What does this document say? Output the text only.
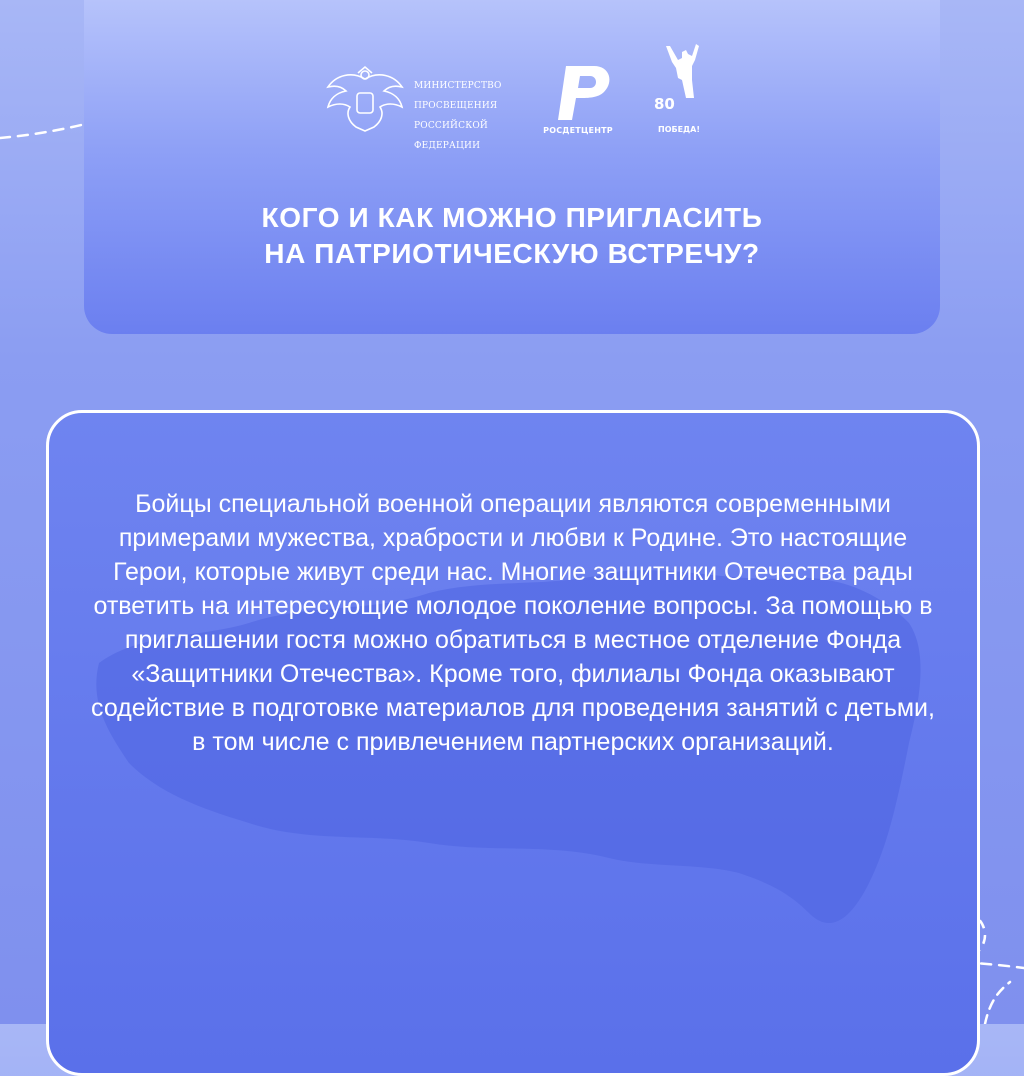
МИНИСТЕРСТВО

ПРОСВЕЩЕНИЯ

РОССИЙСКОЙ

ФЕДЕРАЦИИ

РОСДЕТЦЕНТР
80
ПОБЕДА!
КОГО И КАК МОЖНО ПРИГЛАСИТЬ
НА ПАТРИОТИЧЕСКУЮ ВСТРЕЧУ?
Бойцы специальной военной операции являются современными примерами мужества, храбрости и любви к Родине. Это настоящие Герои, которые живут среди нас. Многие защитники Отечества рады ответить на интересующие молодое поколение вопросы. За помощью в приглашении гостя можно обратиться в местное отделение Фонда «Защитники Отечества». Кроме того, филиалы Фонда оказывают содействие в подготовке материалов для проведения занятий с детьми, в том числе с привлечением партнерских организаций.
